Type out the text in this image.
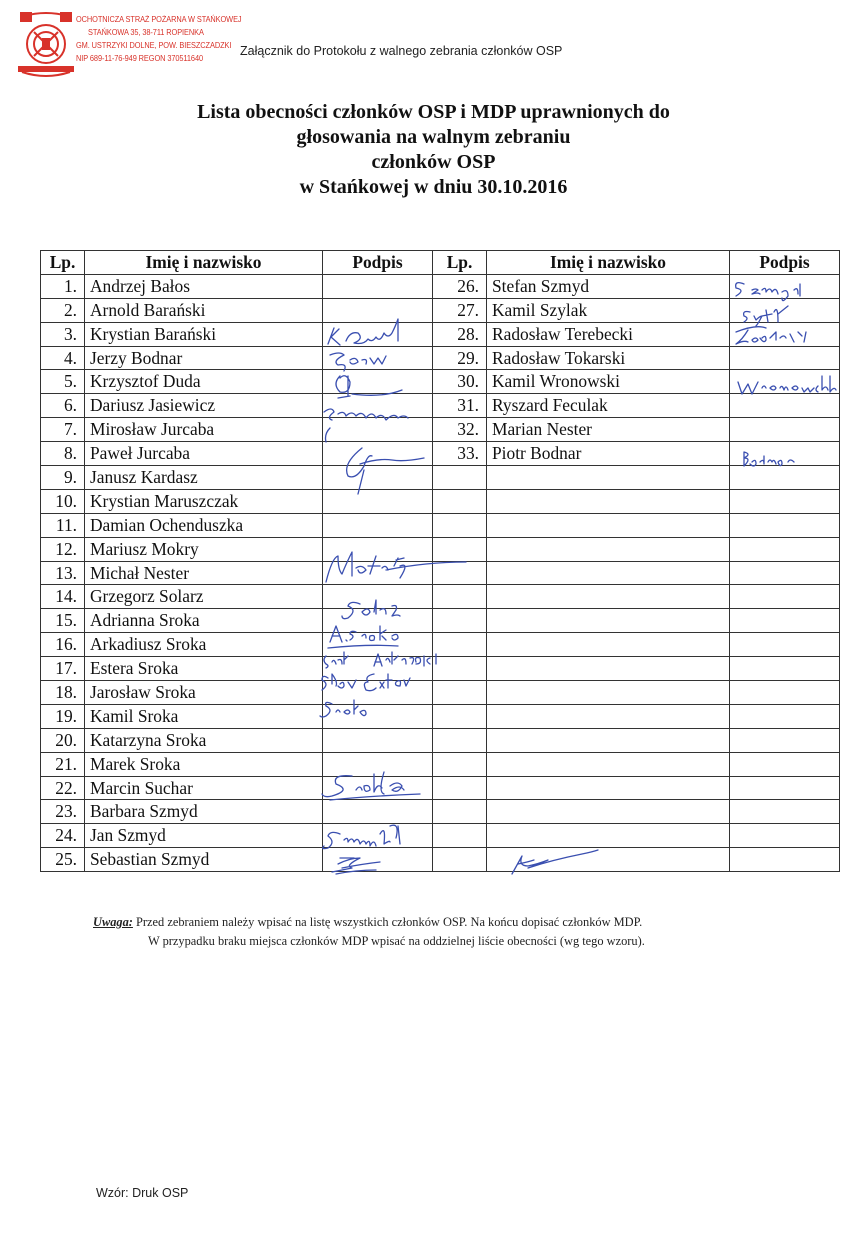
OCHOTNICZA STRAŻ POŻARNA W STAŃKOWEJ
STAŃKOWA 35, 38-711 ROPIENKA
GM. USTRZYKI DOLNE, POW. BIESZCZADZKI
NIP 689-11-76-949 REGON 370511640	Załącznik do Protokołu z walnego zebrania członków OSP
Lista obecności członków OSP i MDP uprawnionych do
głosowania na walnym zebraniu
członków OSP
w Stańkowej w dniu 30.10.2016
Lp.	Imię i nazwisko	Podpis	Lp.	Imię i nazwisko	Podpis
1.	Andrzej Bałos		26.	Stefan Szmyd	
2.	Arnold Barański		27.	Kamil Szylak	
3.	Krystian Barański		28.	Radosław Terebecki	
4.	Jerzy Bodnar		29.	Radosław Tokarski	
5.	Krzysztof Duda		30.	Kamil Wronowski	
6.	Dariusz Jasiewicz		31.	Ryszard Feculak	
7.	Mirosław Jurcaba		32.	Marian Nester	
8.	Paweł Jurcaba		33.	Piotr Bodnar	
9.	Janusz Kardasz				
10.	Krystian Maruszczak				
11.	Damian Ochenduszka				
12.	Mariusz Mokry				
13.	Michał Nester				
14.	Grzegorz Solarz				
15.	Adrianna Sroka				
16.	Arkadiusz Sroka				
17.	Estera Sroka				
18.	Jarosław Sroka				
19.	Kamil Sroka				
20.	Katarzyna Sroka				
21.	Marek Sroka				
22.	Marcin Suchar				
23.	Barbara Szmyd				
24.	Jan Szmyd				
25.	Sebastian Szmyd				
Uwaga: Przed zebraniem należy wpisać na listę wszystkich członków OSP. Na końcu dopisać członków MDP.
W przypadku braku miejsca członków MDP wpisać na oddzielnej liście obecności (wg tego wzoru).
Wzór: Druk OSP
